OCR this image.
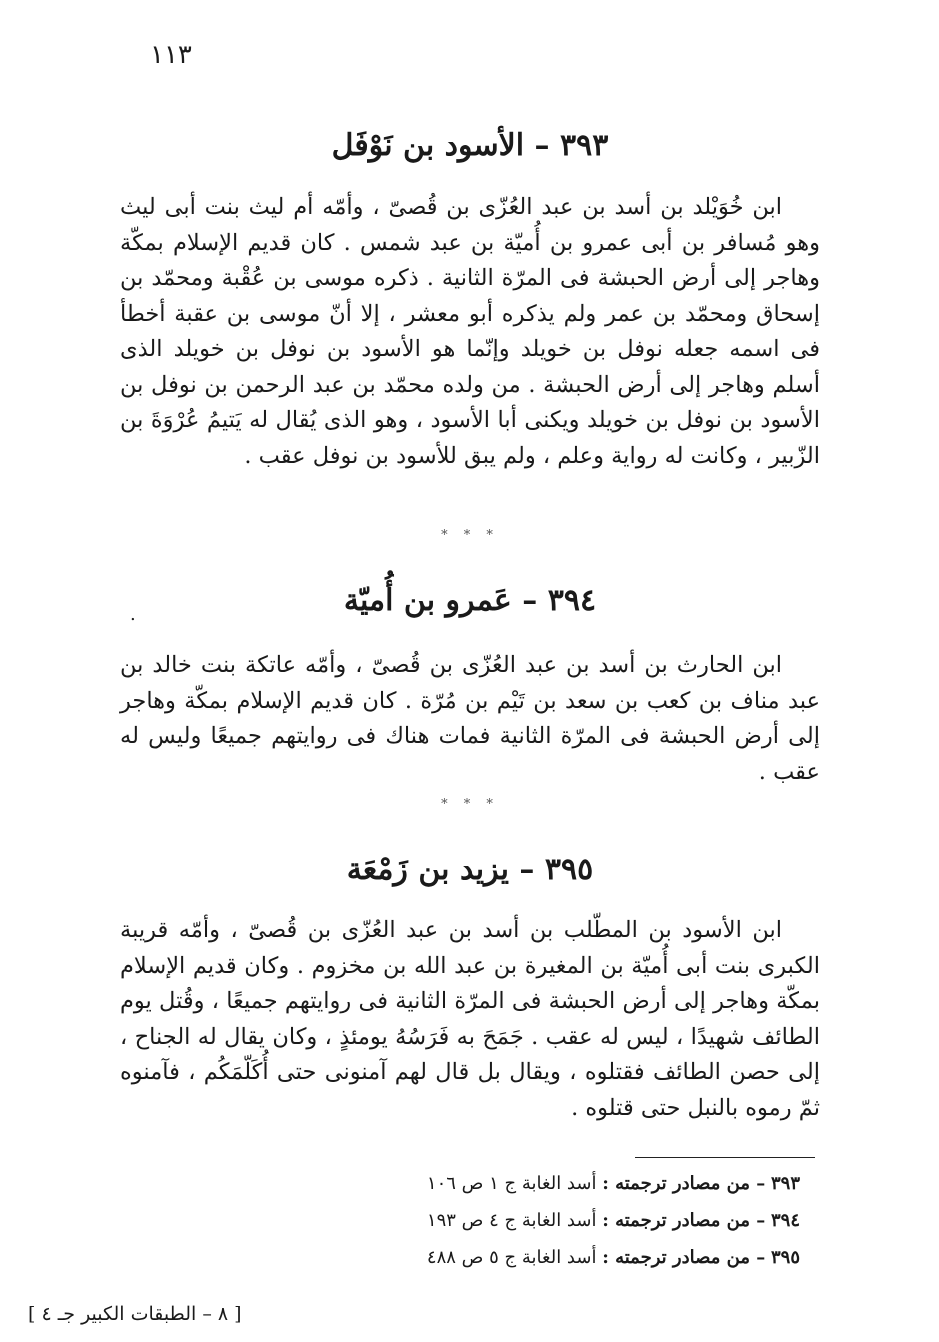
١١٣
٣٩٣ – الأسود بن نَوْفَل
ابن خُوَيْلد بن أسد بن عبد العُزّى بن قُصىّ ، وأمّه أم ليث بنت أبى ليث وهو مُسافر بن أبى عمرو بن أُميّة بن عبد شمس . كان قديم الإسلام بمكّة وهاجر إلى أرض الحبشة فى المرّة الثانية . ذكره موسى بن عُقْبة ومحمّد بن إسحاق ومحمّد بن عمر ولم يذكره أبو معشر ، إلا أنّ موسى بن عقبة أخطأ فى اسمه جعله نوفل بن خويلد وإنّما هو الأسود بن نوفل بن خويلد الذى أسلم وهاجر إلى أرض الحبشة . من ولده محمّد بن عبد الرحمن بن نوفل بن الأسود بن نوفل بن خويلد ويكنى أبا الأسود ، وهو الذى يُقال له يَتيمُ عُرْوَةَ بن الزّبير ، وكانت له رواية وعلم ، ولم يبق للأسود بن نوفل عقب .
* * *
٣٩٤ – عَمرو بن أُميّة
.
ابن الحارث بن أسد بن عبد العُزّى بن قُصىّ ، وأمّه عاتكة بنت خالد بن عبد مناف بن كعب بن سعد بن تَيْم بن مُرّة . كان قديم الإسلام بمكّة وهاجر إلى أرض الحبشة فى المرّة الثانية فمات هناك فى روايتهم جميعًا وليس له عقب .
* * *
٣٩٥ – يزيد بن زَمْعَة
ابن الأسود بن المطّلب بن أسد بن عبد العُزّى بن قُصىّ ، وأمّه قريبة الكبرى بنت أبى أُميّة بن المغيرة بن عبد الله بن مخزوم . وكان قديم الإسلام بمكّة وهاجر إلى أرض الحبشة فى المرّة الثانية فى روايتهم جميعًا ، وقُتل يوم الطائف شهيدًا ، ليس له عقب . جَمَحَ به فَرَسُهُ يومئذٍ ، وكان يقال له الجناح ، إلى حصن الطائف فقتلوه ، ويقال بل قال لهم آمنونى حتى أُكَلّمَكُم ، فآمنوه ثمّ رموه بالنبل حتى قتلوه .
٣٩٣ – من مصادر ترجمته : أسد الغابة ج ١ ص ١٠٦
٣٩٤ – من مصادر ترجمته : أسد الغابة ج ٤ ص ١٩٣
٣٩٥ – من مصادر ترجمته : أسد الغابة ج ٥ ص ٤٨٨
[ ٨ – الطبقات الكبير جـ ٤ ]
